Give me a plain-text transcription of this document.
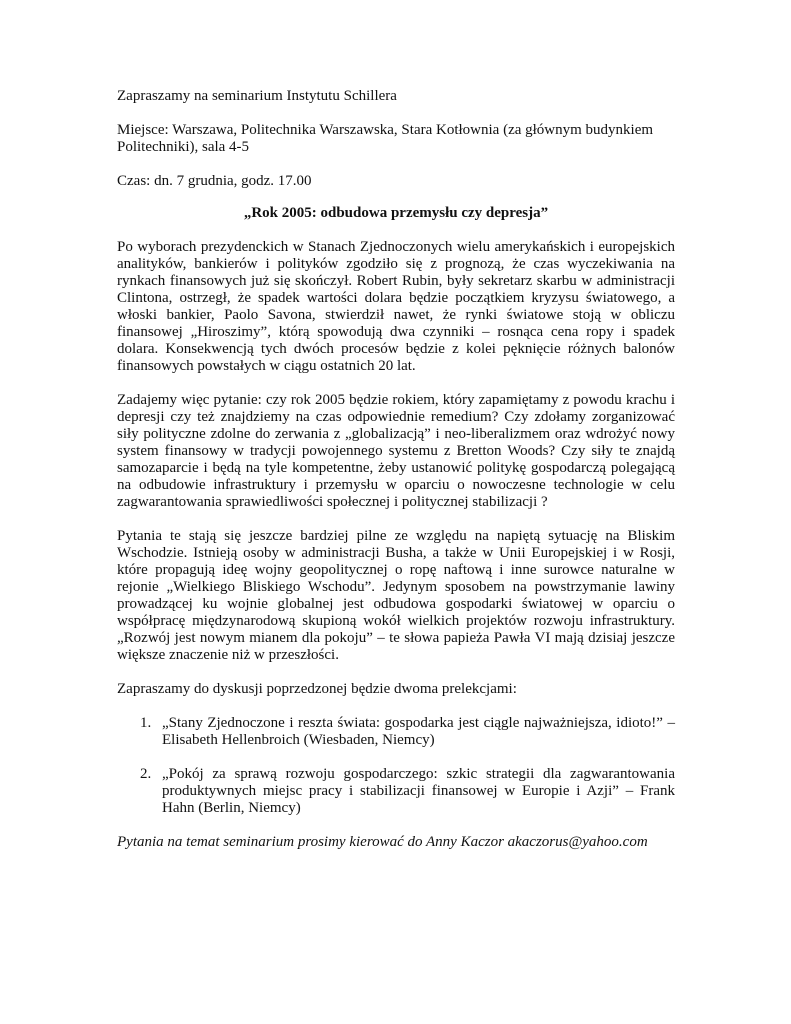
Zapraszamy na seminarium Instytutu Schillera

Miejsce: Warszawa, Politechnika Warszawska, Stara Kotłownia (za głównym budynkiem Politechniki), sala 4-5

Czas: dn. 7 grudnia, godz. 17.00

„Rok 2005: odbudowa przemysłu czy depresja”

Po wyborach prezydenckich w Stanach Zjednoczonych wielu amerykańskich i europejskich analityków, bankierów i polityków zgodziło się z prognozą, że czas wyczekiwania na rynkach finansowych już się skończył. Robert Rubin, były sekretarz skarbu w administracji Clintona, ostrzegł, że spadek wartości dolara będzie początkiem kryzysu światowego, a włoski bankier, Paolo Savona, stwierdził nawet, że rynki światowe stoją w obliczu finansowej „Hiroszimy”, którą spowodują dwa czynniki – rosnąca cena ropy i spadek dolara. Konsekwencją tych dwóch procesów będzie z kolei pęknięcie różnych balonów finansowych powstałych w ciągu ostatnich 20 lat.

Zadajemy więc pytanie: czy rok 2005 będzie rokiem, który zapamiętamy z powodu krachu i depresji czy też znajdziemy na czas odpowiednie remedium? Czy zdołamy zorganizować siły polityczne zdolne do zerwania z „globalizacją” i neo-liberalizmem oraz wdrożyć nowy system finansowy w tradycji powojennego systemu z Bretton Woods? Czy siły te znajdą samozaparcie i będą na tyle kompetentne, żeby ustanowić politykę gospodarczą polegającą na odbudowie infrastruktury i przemysłu w oparciu o nowoczesne technologie w celu zagwarantowania sprawiedliwości społecznej i politycznej stabilizacji ?

Pytania te stają się jeszcze bardziej pilne ze względu na napiętą sytuację na Bliskim Wschodzie. Istnieją osoby w administracji Busha, a także w Unii Europejskiej i w Rosji, które propagują ideę wojny geopolitycznej o ropę naftową i inne surowce naturalne w rejonie „Wielkiego Bliskiego Wschodu”. Jedynym sposobem na powstrzymanie lawiny prowadzącej ku wojnie globalnej jest odbudowa gospodarki światowej w oparciu o współpracę międzynarodową skupioną wokół wielkich projektów rozwoju infrastruktury. „Rozwój jest nowym mianem dla pokoju” – te słowa papieża Pawła VI mają dzisiaj jeszcze większe znaczenie niż w przeszłości.

Zapraszamy do dyskusji poprzedzonej będzie dwoma prelekcjami:

1. „Stany Zjednoczone i reszta świata: gospodarka jest ciągle najważniejsza, idioto!” – Elisabeth Hellenbroich (Wiesbaden, Niemcy)
2. „Pokój za sprawą rozwoju gospodarczego: szkic strategii dla zagwarantowania produktywnych miejsc pracy i stabilizacji finansowej w Europie i Azji” – Frank Hahn (Berlin, Niemcy)

Pytania na temat seminarium prosimy kierować do Anny Kaczor akaczorus@yahoo.com
